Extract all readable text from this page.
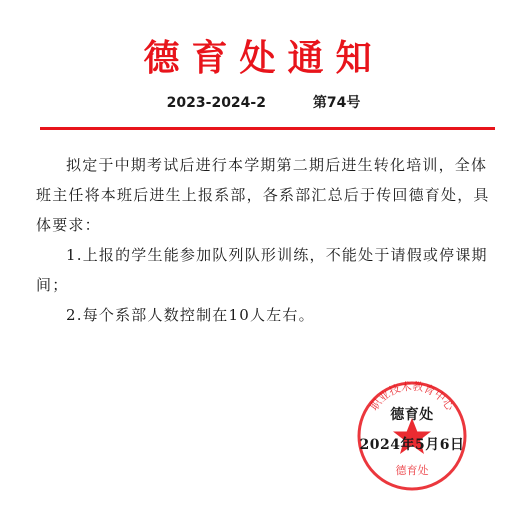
德育处通知
2023-2024-2	第74号

拟定于中期考试后进行本学期第二期后进生转化培训，全体班主任将本班后进生上报系部，各系部汇总后于传回德育处，具体要求：

1.上报的学生能参加队列队形训练，不能处于请假或停课期间；

2.每个系部人数控制在10人左右。

职业技术教育中心
德育处
德育处
2024年5月6日
